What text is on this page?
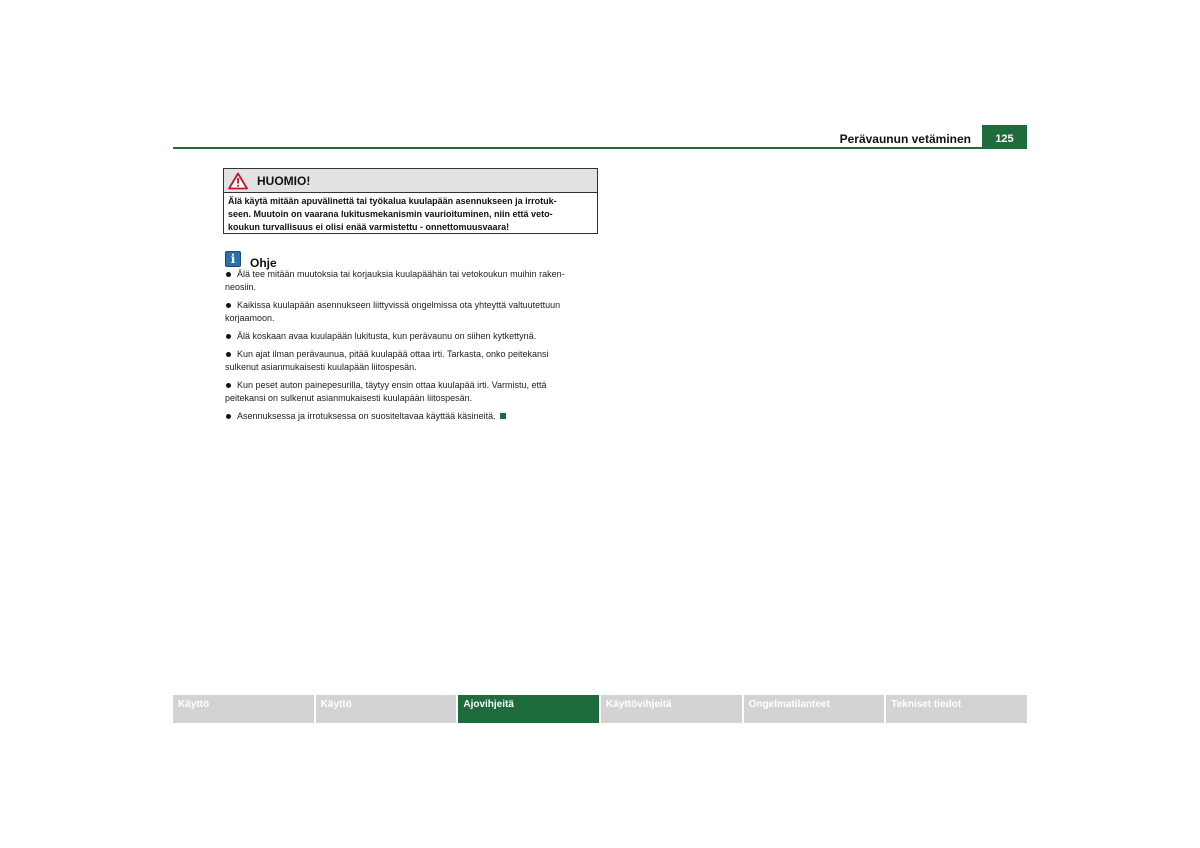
Perävaunun vetäminen	125
HUOMIO!
Älä käytä mitään apuvälinettä tai työkalua kuulapään asennukseen ja irrotuk-
seen. Muutoin on vaarana lukitusmekanismin vaurioituminen, niin että veto-
koukun turvallisuus ei olisi enää varmistettu - onnettomuusvaara!
i	Ohje
Älä tee mitään muutoksia tai korjauksia kuulapäähän tai vetokoukun muihin raken-
neosiin.
Kaikissa kuulapään asennukseen liittyvissä ongelmissa ota yhteyttä valtuutettuun
korjaamoon.
Älä koskaan avaa kuulapään lukitusta, kun perävaunu on siihen kytkettynä.
Kun ajat ilman perävaunua, pitää kuulapää ottaa irti. Tarkasta, onko peitekansi
sulkenut asianmukaisesti kuulapään liitospesän.
Kun peset auton painepesurilla, täytyy ensin ottaa kuulapää irti. Varmistu, että
peitekansi on sulkenut asianmukaisesti kuulapään liitospesän.
Asennuksessa ja irrotuksessa on suositeltavaa käyttää käsineitä.
Käyttö	Käyttö	Ajovihjeitä	Käyttövihjeitä	Ongelmatilanteet	Tekniset tiedot
